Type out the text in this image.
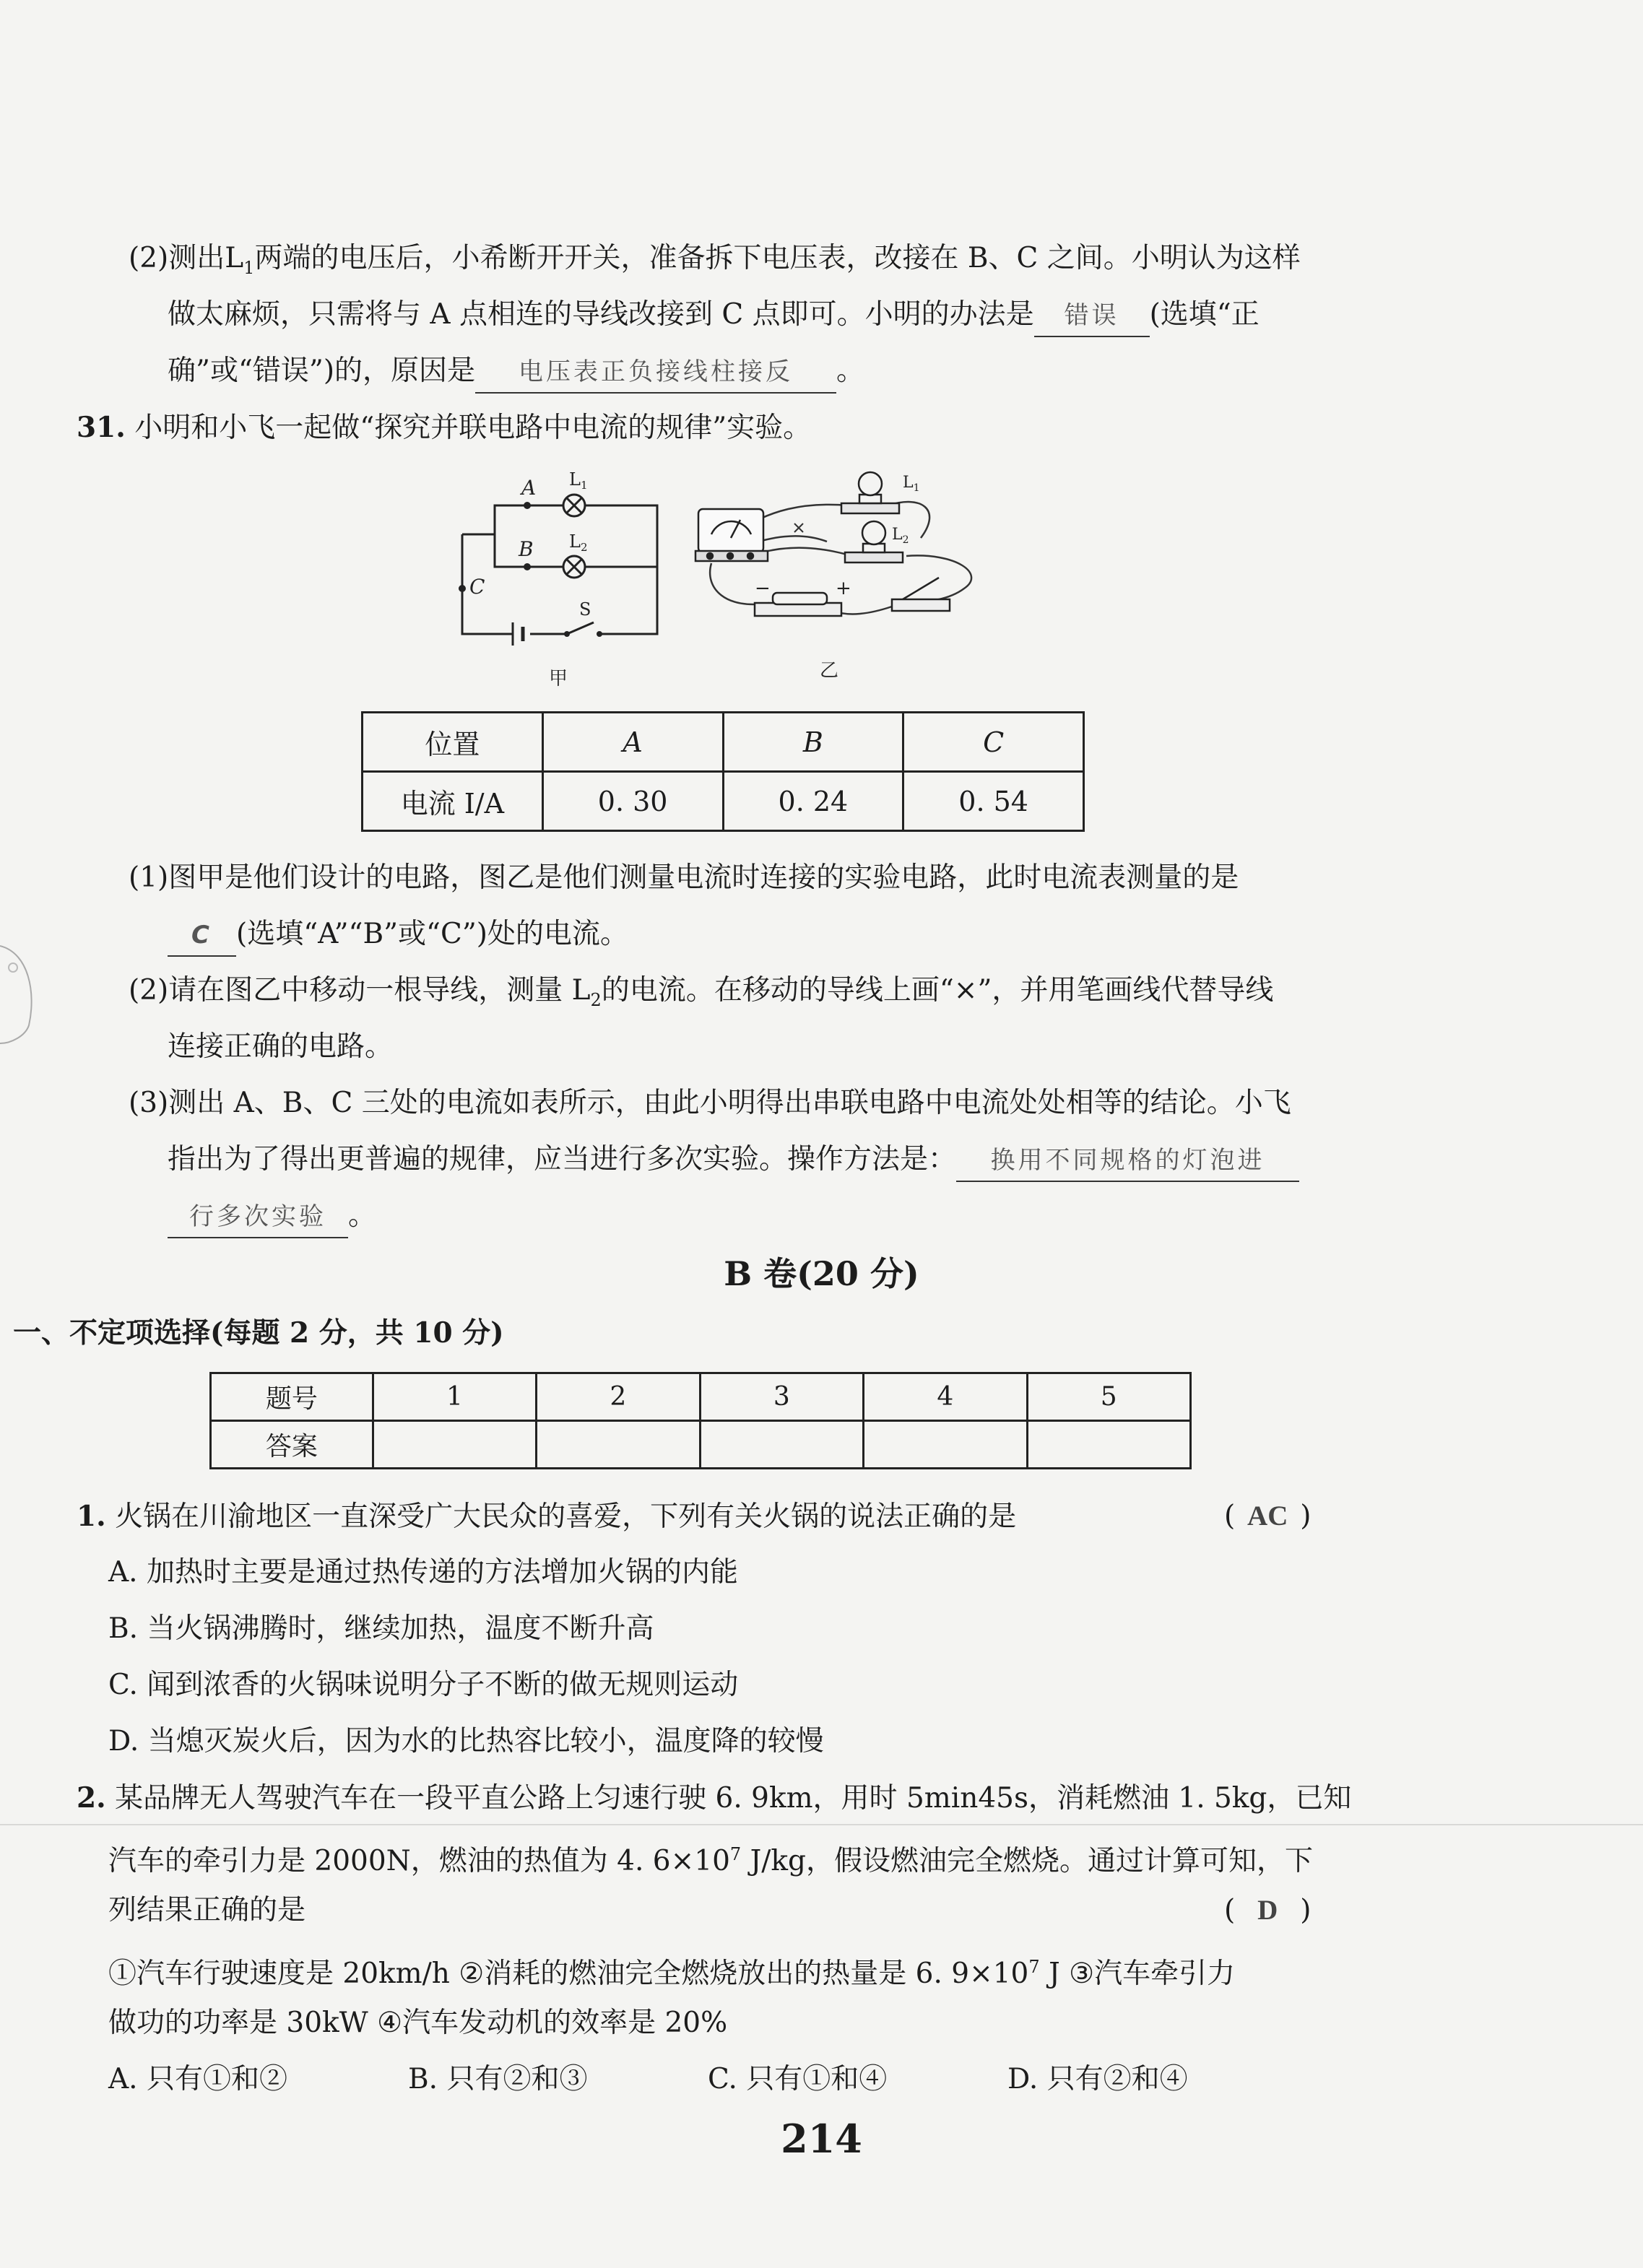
(2)测出$L_1$两端的电压后，小希断开开关，准备拆下电压表，改接在 B、C 之间。小明认为这样
做太麻烦，只需将与 A 点相连的导线改接到 C 点即可。小明的办法是 错误 (选填“正
确”或“错误”)的，原因是 电压表正负接线柱接反 。
31. 小明和小飞一起做“探究并联电路中电流的规律”实验。
A
B
C
$L_1$
$L_2$
S
甲
$L_1$
$L_2$
−	+
乙
位置	A	B	C
电流 I/A	0. 30	0. 24	0. 54
(1)图甲是他们设计的电路，图乙是他们测量电流时连接的实验电路，此时电流表测量的是
C (选填“A”“B”或“C”)处的电流。
(2)请在图乙中移动一根导线，测量 $L_2$的电流。在移动的导线上画“×”，并用笔画线代替导线
连接正确的电路。
(3)测出 A、B、C 三处的电流如表所示，由此小明得出串联电路中电流处处相等的结论。小飞
指出为了得出更普遍的规律，应当进行多次实验。操作方法是： 换用不同规格的灯泡进
行多次实验 。
B 卷(20 分)
一、不定项选择(每题 2 分，共 10 分)
题号	1	2	3	4	5
答案					
1. 火锅在川渝地区一直深受广大民众的喜爱，下列有关火锅的说法正确的是	( AC )
A. 加热时主要是通过热传递的方法增加火锅的内能
B. 当火锅沸腾时，继续加热，温度不断升高
C. 闻到浓香的火锅味说明分子不断的做无规则运动
D. 当熄灭炭火后，因为水的比热容比较小，温度降的较慢
2. 某品牌无人驾驶汽车在一段平直公路上匀速行驶 6. 9km，用时 5min45s，消耗燃油 1. 5kg，已知
汽车的牵引力是 2000N，燃油的热值为 4. $6\times 10^7$ J/kg，假设燃油完全燃烧。通过计算可知，下
列结果正确的是	( D )
①汽车行驶速度是 20km/h ②消耗的燃油完全燃烧放出的热量是 6. $9\times 10^7$ J ③汽车牵引力
做功的功率是 30kW ④汽车发动机的效率是 20%
A. 只有①和②	B. 只有②和③	C. 只有①和④	D. 只有②和④
214
